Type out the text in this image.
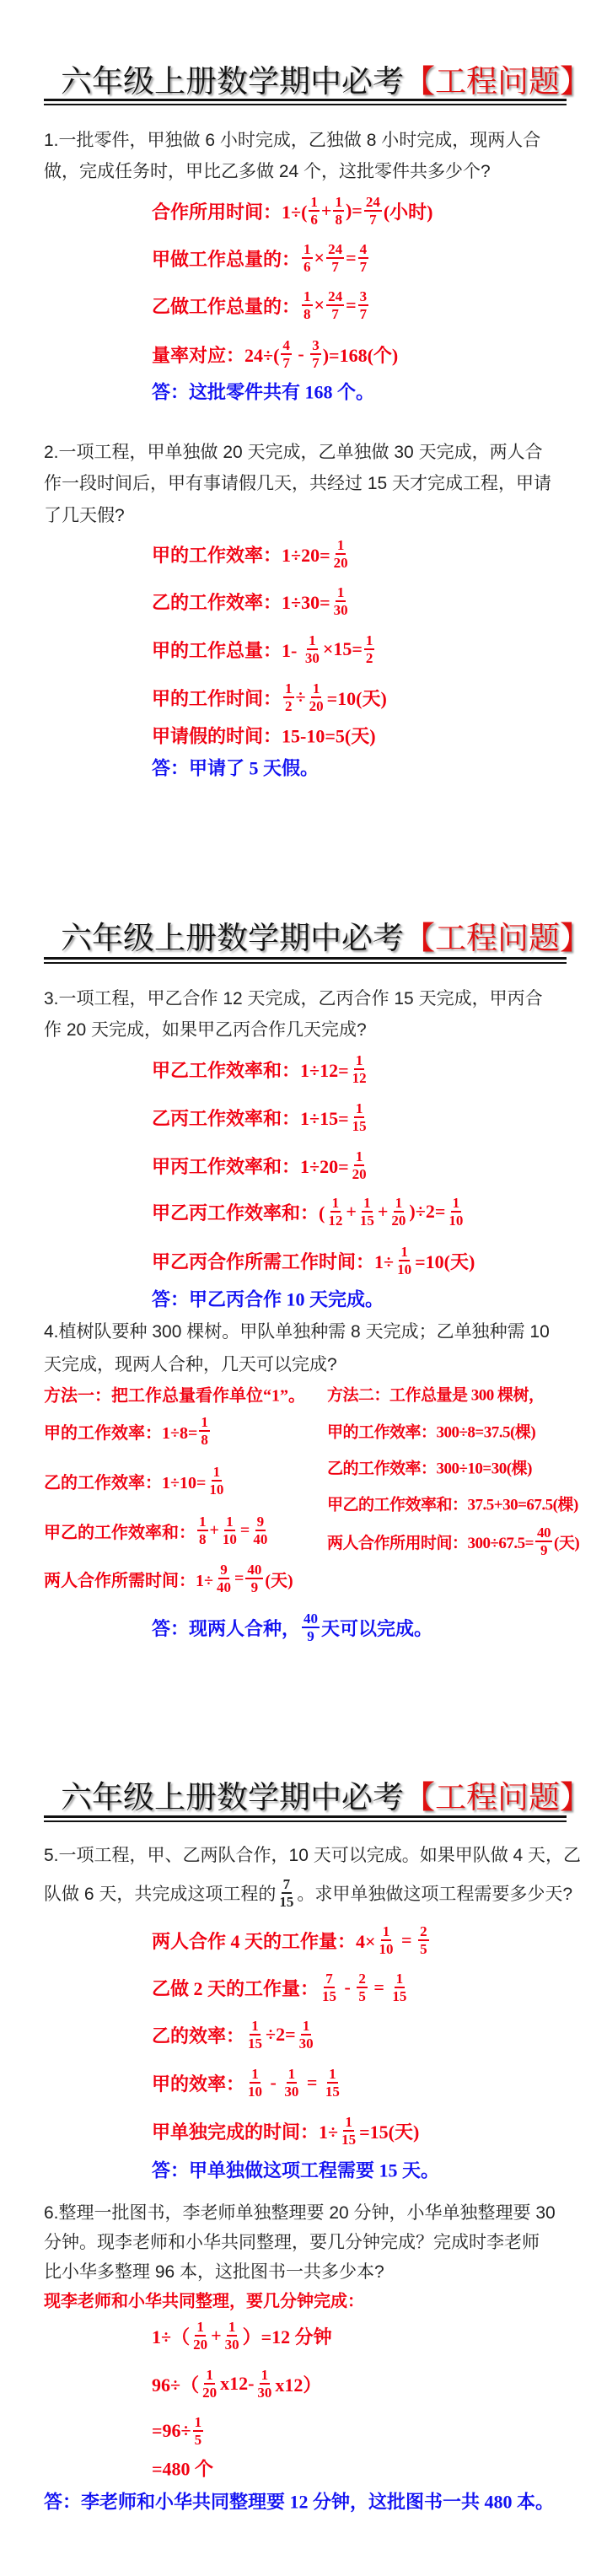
六年级上册数学期中必考【工程问题】
1.一批零件，甲独做 6 小时完成，乙独做 8 小时完成，现两人合
做，完成任务时，甲比乙多做 24 个，这批零件共多少个?
合作所用时间：$1\div( \frac{1}{6} + \frac{1}{8}$ )= $\frac{24}{7}$ (小时)
甲做工作总量的： $\frac{1}{6} \times \frac{24}{7} = \frac{4}{7}$
乙做工作总量的： $\frac{1}{8} \times \frac{24}{7} = \frac{3}{7}$
量率对应：$24\div( \frac{4}{7} - \frac{3}{7} )=168$(个)
答：这批零件共有 168 个。
2.一项工程，甲单独做 20 天完成，乙单独做 30 天完成，两人合
作一段时间后，甲有事请假几天，共经过 15 天才完成工程，甲请
了几天假?
甲的工作效率：$1\div 20= \frac{1}{20}$
乙的工作效率：$1\div 30= \frac{1}{30}$
甲的工作总量：$1- \frac{1}{30} \times 15= \frac{1}{2}$
甲的工作时间： $\frac{1}{2} \div \frac{1}{20} =10$(天)
甲请假的时间：15-10=5(天)
答：甲请了 5 天假。
六年级上册数学期中必考【工程问题】
3.一项工程，甲乙合作 12 天完成，乙丙合作 15 天完成，甲丙合
作 20 天完成，如果甲乙丙合作几天完成?
甲乙工作效率和：$1\div 12= \frac{1}{12}$
乙丙工作效率和：$1\div 15= \frac{1}{15}$
甲丙工作效率和：$1\div 20= \frac{1}{20}$
甲乙丙工作效率和：( $\frac{1}{12} + \frac{1}{15} + \frac{1}{20} )\div 2= \frac{1}{10}$
甲乙丙合作所需工作时间：$1\div \frac{1}{10} =10$(天)
答：甲乙丙合作 10 天完成。
4.植树队要种 300 棵树。甲队单独种需 8 天完成；乙单独种需 10
天完成，现两人合种，几天可以完成?
方法一：把工作总量看作单位“1”。 方法二：工作总量是 300 棵树，
甲的工作效率：$1\div 8= \frac{1}{8}$
乙的工作效率：$1\div 10= \frac{1}{10}$
甲乙的工作效率和： $\frac{1}{8} + \frac{1}{10} = \frac{9}{40}$
两人合作所需时间：$1\div \frac{9}{40} = \frac{40}{9}$ (天)
甲的工作效率：300÷8=37.5(棵)
乙的工作效率：300÷10=30(棵)
甲乙的工作效率和：37.5+30=67.5(棵)
两人合作所用时间：$300\div 67.5= \frac{40}{9}$ (天)
答：现两人合种， $\frac{40}{9}$ 天可以完成。
六年级上册数学期中必考【工程问题】
5.一项工程，甲、乙两队合作，10 天可以完成。如果甲队做 4 天，乙
队做 6 天，共完成这项工程的 $\frac{7}{15}$ 。求甲单独做这项工程需要多少天?
两人合作 4 天的工作量：$4\times \frac{1}{10} = \frac{2}{5}$
乙做 2 天的工作量： $\frac{7}{15} - \frac{2}{5} = \frac{1}{15}$
乙的效率： $\frac{1}{15} \div 2= \frac{1}{30}$
甲的效率： $\frac{1}{10} - \frac{1}{30} = \frac{1}{15}$
甲单独完成的时间：$1\div \frac{1}{15} =15$(天)
答：甲单独做这项工程需要 15 天。
6.整理一批图书，李老师单独整理要 20 分钟，小华单独整理要 30
分钟。现李老师和小华共同整理，要几分钟完成？完成时李老师
比小华多整理 96 本，这批图书一共多少本?
现李老师和小华共同整理，要几分钟完成：
$1\div( \frac{1}{20} + \frac{1}{30} )=12$ 分钟
$96\div( \frac{1}{20} x12- \frac{1}{30} x12)$
$=96\div \frac{1}{5}$
=480 个
答：李老师和小华共同整理要 12 分钟，这批图书一共 480 本。
